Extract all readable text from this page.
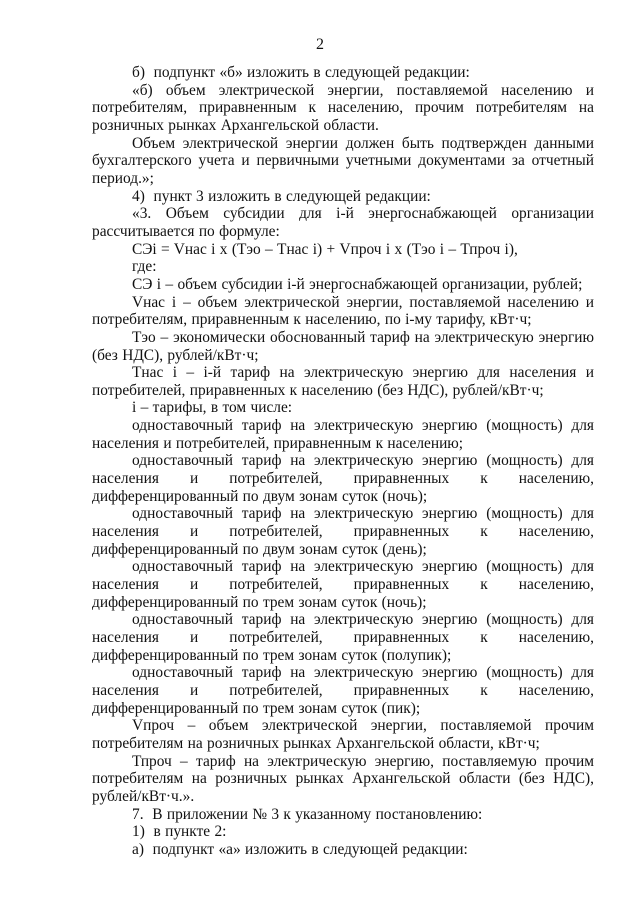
2

б)  подпункт «б» изложить в следующей редакции:

«б) объем электрической энергии, поставляемой населению и потребителям, приравненным к населению, прочим потребителям на розничных рынках Архангельской области.

Объем электрической энергии должен быть подтвержден данными бухгалтерского учета и первичными учетными документами за отчетный период.»;

4)  пункт 3 изложить в следующей редакции:

«3. Объем субсидии для i-й энергоснабжающей организации рассчитывается по формуле:

СЭi = Vнас i х (Тэо – Тнас i) + Vпроч i х (Тэо i – Тпроч i),

где:

СЭ i – объем субсидии i-й энергоснабжающей организации, рублей;

Vнас i – объем электрической энергии, поставляемой населению и потребителям, приравненным к населению, по i-му тарифу, кВт·ч;

Тэо – экономически обоснованный тариф на электрическую энергию (без НДС), рублей/кВт·ч;

Тнас i – i-й тариф на электрическую энергию для населения и потребителей, приравненных к населению (без НДС), рублей/кВт·ч;

i – тарифы, в том числе:

одноставочный тариф на электрическую энергию (мощность) для населения и потребителей, приравненным к населению;

одноставочный тариф на электрическую энергию (мощность) для населения и потребителей, приравненных к населению, дифференцированный по двум зонам суток (ночь);

одноставочный тариф на электрическую энергию (мощность) для населения и потребителей, приравненных к населению, дифференцированный по двум зонам суток (день);

одноставочный тариф на электрическую энергию (мощность) для населения и потребителей, приравненных к населению, дифференцированный по трем зонам суток (ночь);

одноставочный тариф на электрическую энергию (мощность) для населения и потребителей, приравненных к населению, дифференцированный по трем зонам суток (полупик);

одноставочный тариф на электрическую энергию (мощность) для населения и потребителей, приравненных к населению, дифференцированный по трем зонам суток (пик);

Vпроч – объем электрической энергии, поставляемой прочим потребителям на розничных рынках Архангельской области, кВт·ч;

Тпроч – тариф на электрическую энергию, поставляемую прочим потребителям на розничных рынках Архангельской области (без НДС), рублей/кВт·ч.».

7.  В приложении № 3 к указанному постановлению:

1)  в пункте 2:

а)  подпункт «а» изложить в следующей редакции:
